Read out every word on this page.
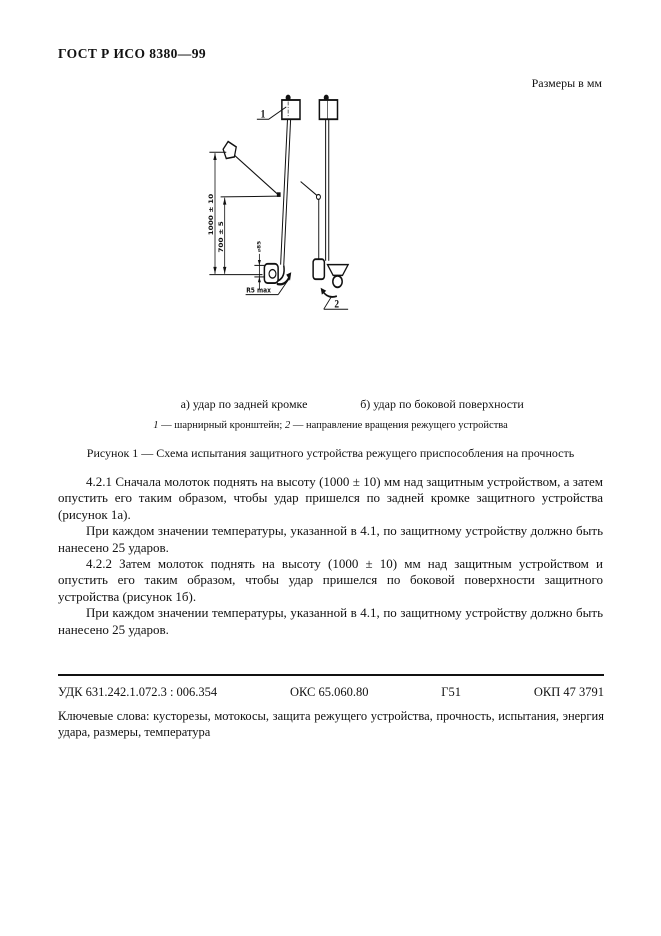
ГОСТ Р ИСО 8380—99
Размеры в мм
1
1000 ± 10
700 ± 5	⌀85
R5 max
2
а) удар по задней кромке	б) удар по боковой поверхности
1 — шарнирный кронштейн; 2 — направление вращения режущего устройства
Рисунок 1 — Схема испытания защитного устройства режущего приспособления на прочность

4.2.1 Сначала молоток поднять на высоту (1000 ± 10) мм над защитным устройством, а затем опустить его таким образом, чтобы удар пришелся по задней кромке защитного устройства (рисунок 1а).

При каждом значении температуры, указанной в 4.1, по защитному устройству должно быть нанесено 25 ударов.

4.2.2 Затем молоток поднять на высоту (1000 ± 10) мм над защитным устройством и опустить его таким образом, чтобы удар пришелся по боковой поверхности защитного устройства (рисунок 1б).

При каждом значении температуры, указанной в 4.1, по защитному устройству должно быть нанесено 25 ударов.

УДК 631.242.1.072.3 : 006.354	ОКС 65.060.80	Г51	ОКП 47 3791

Ключевые слова: кусторезы, мотокосы, защита режущего устройства, прочность, испытания, энергия удара, размеры, температура
